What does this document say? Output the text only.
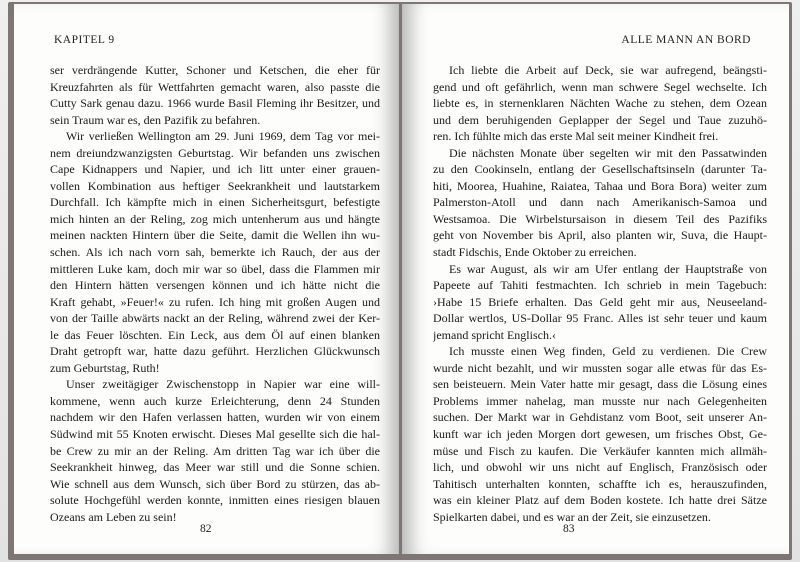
KAPITEL 9
ser verdrängende Kutter, Schoner und Ketschen, die eher für
Kreuzfahrten als für Wettfahrten gemacht waren, also passte die
Cutty Sark genau dazu. 1966 wurde Basil Fleming ihr Besitzer, und
sein Traum war es, den Pazifik zu befahren.
Wir verließen Wellington am 29. Juni 1969, dem Tag vor mei-
nem dreiundzwanzigsten Geburtstag. Wir befanden uns zwischen
Cape Kidnappers und Napier, und ich litt unter einer grauen-
vollen Kombination aus heftiger Seekrankheit und lautstarkem
Durchfall. Ich kämpfte mich in einen Sicherheitsgurt, befestigte
mich hinten an der Reling, zog mich untenherum aus und hängte
meinen nackten Hintern über die Seite, damit die Wellen ihn wu-
schen. Als ich nach vorn sah, bemerkte ich Rauch, der aus der
mittleren Luke kam, doch mir war so übel, dass die Flammen mir
den Hintern hätten versengen können und ich hätte nicht die
Kraft gehabt, »Feuer!« zu rufen. Ich hing mit großen Augen und
von der Taille abwärts nackt an der Reling, während zwei der Ker-
le das Feuer löschten. Ein Leck, aus dem Öl auf einen blanken
Draht getropft war, hatte dazu geführt. Herzlichen Glückwunsch
zum Geburtstag, Ruth!
Unser zweitägiger Zwischenstopp in Napier war eine will-
kommene, wenn auch kurze Erleichterung, denn 24 Stunden
nachdem wir den Hafen verlassen hatten, wurden wir von einem
Südwind mit 55 Knoten erwischt. Dieses Mal gesellte sich die hal-
be Crew zu mir an der Reling. Am dritten Tag war ich über die
Seekrankheit hinweg, das Meer war still und die Sonne schien.
Wie schnell aus dem Wunsch, sich über Bord zu stürzen, das ab-
solute Hochgefühl werden konnte, inmitten eines riesigen blauen
Ozeans am Leben zu sein!
82
ALLE MANN AN BORD
Ich liebte die Arbeit auf Deck, sie war aufregend, beängsti-
gend und oft gefährlich, wenn man schwere Segel wechselte. Ich
liebte es, in sternenklaren Nächten Wache zu stehen, dem Ozean
und dem beruhigenden Geplapper der Segel und Taue zuzuhö-
ren. Ich fühlte mich das erste Mal seit meiner Kindheit frei.
Die nächsten Monate über segelten wir mit den Passatwinden
zu den Cookinseln, entlang der Gesellschaftsinseln (darunter Ta-
hiti, Moorea, Huahine, Raiatea, Tahaa und Bora Bora) weiter zum
Palmerston-Atoll und dann nach Amerikanisch-Samoa und
Westsamoa. Die Wirbelstursaison in diesem Teil des Pazifiks
geht von November bis April, also planten wir, Suva, die Haupt-
stadt Fidschis, Ende Oktober zu erreichen.
Es war August, als wir am Ufer entlang der Hauptstraße von
Papeete auf Tahiti festmachten. Ich schrieb in mein Tagebuch:
›Habe 15 Briefe erhalten. Das Geld geht mir aus, Neuseeland-
Dollar wertlos, US-Dollar 95 Franc. Alles ist sehr teuer und kaum
jemand spricht Englisch.‹
Ich musste einen Weg finden, Geld zu verdienen. Die Crew
wurde nicht bezahlt, und wir mussten sogar alle etwas für das Es-
sen beisteuern. Mein Vater hatte mir gesagt, dass die Lösung eines
Problems immer nahelag, man musste nur nach Gelegenheiten
suchen. Der Markt war in Gehdistanz vom Boot, seit unserer An-
kunft war ich jeden Morgen dort gewesen, um frisches Obst, Ge-
müse und Fisch zu kaufen. Die Verkäufer kannten mich allmäh-
lich, und obwohl wir uns nicht auf Englisch, Französisch oder
Tahitisch unterhalten konnten, schaffte ich es, herauszufinden,
was ein kleiner Platz auf dem Boden kostete. Ich hatte drei Sätze
Spielkarten dabei, und es war an der Zeit, sie einzusetzen.
83
